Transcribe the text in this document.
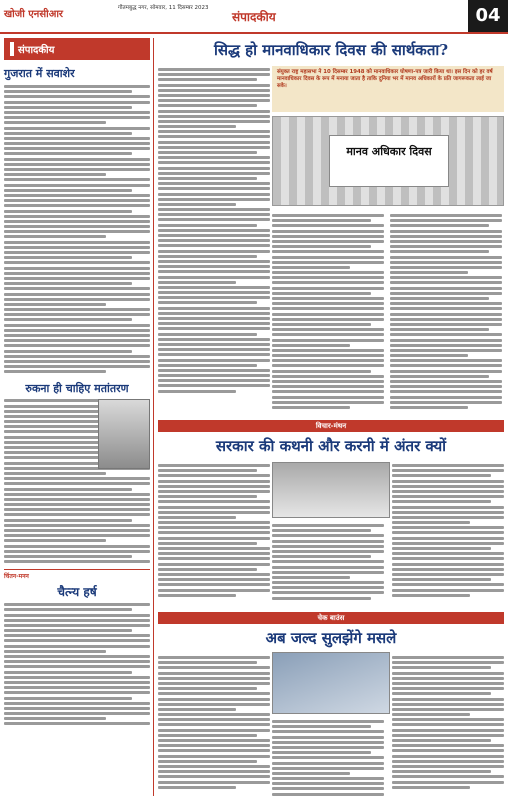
खोजी एनसीआर
गौतमबुद्ध नगर, सोमवार, 11 दिसम्बर 2023
संपादकीय	04
संपादकीय
गुजरात में सवाशेर
रुकना ही चाहिए मतांतरण
चिंतन-मनन
चैत्न्य हर्ष
सिद्ध हो मानवाधिकार दिवस की सार्थकता?
संयुक्त राष्ट्र महासभा ने 10 दिसम्बर 1948 को मानवाधिकार घोषणा-पत्र जारी किया था। इस दिन को हर वर्ष मानवाधिकार दिवस के रूप में मनाया जाता है ताकि दुनिया भर में मानव अधिकारों के प्रति जागरूकता लाई जा सके।
मानव अधिकार दिवस
विचार-मंथन
सरकार की कथनी और करनी में अंतर क्यों
चेक बाउंस
अब जल्द सुलझेंगे मसले
